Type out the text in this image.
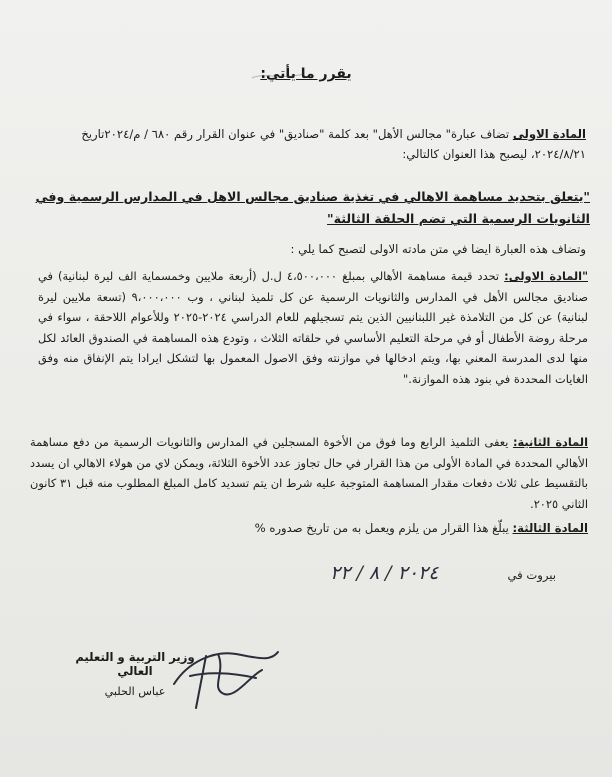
يقرر ما يأتي:
المادة الاولى تضاف عبارة" مجالس الأهل" بعد كلمة "صناديق" في عنوان القرار رقم ٦٨٠ / م/٢٠٢٤تاريخ ٢٠٢٤/٨/٢١، ليصبح هذا العنوان كالتالي:
"يتعلق بتحديد مساهمة الاهالي في تغذية صناديق مجالس الاهل في المدارس الرسمية وفي الثانويات الرسمية التي تضم الحلقة الثالثة"
وتضاف هذه العبارة ايضا في متن مادته الاولى لتصبح كما يلي :
"المادة الاولى: تحدد قيمة مساهمة الأهالي بمبلغ ٤،٥٠٠،٠٠٠ ل.ل (أربعة ملايين وخمسماية الف ليرة لبنانية) في صناديق مجالس الأهل في المدارس والثانويات الرسمية عن كل تلميذ لبناني ، وب ٩،٠٠٠،٠٠٠ (تسعة ملايين ليرة لبنانية) عن كل من التلامذة غير اللبنانيين الذين يتم تسجيلهم للعام الدراسي ٢٠٢٤-٢٠٢٥ وللأعوام اللاحقة ، سواء في مرحلة روضة الأطفال أو في مرحلة التعليم الأساسي في حلقاته الثلاث ، وتودع هذه المساهمة في الصندوق العائد لكل منها لدى المدرسة المعني بها، ويتم ادخالها في موازنته وفق الاصول المعمول بها لتشكل ايرادا يتم الإنفاق منه وفق الغايات المحددة في بنود هذه الموازنة."
المادة الثانية: يعفى التلميذ الرابع وما فوق من الأخوة المسجلين في المدارس والثانويات الرسمية من دفع مساهمة الأهالي المحددة في المادة الأولى من هذا القرار في حال تجاوز عدد الأخوة الثلاثة، ويمكن لاي من هولاء الاهالي ان يسدد بالتقسيط على ثلاث دفعات مقدار المساهمة المتوجبة عليه شرط ان يتم تسديد كامل المبلغ المطلوب منه قبل ٣١ كانون الثاني ٢٠٢٥.
المادة الثالثة: يبلّغ هذا القرار من يلزم ويعمل به من تاريخ صدوره %
بيروت في
٢٠٢٤ / ٨ / ٢٢
وزير التربية و التعليم العالي
عباس الحلبي
